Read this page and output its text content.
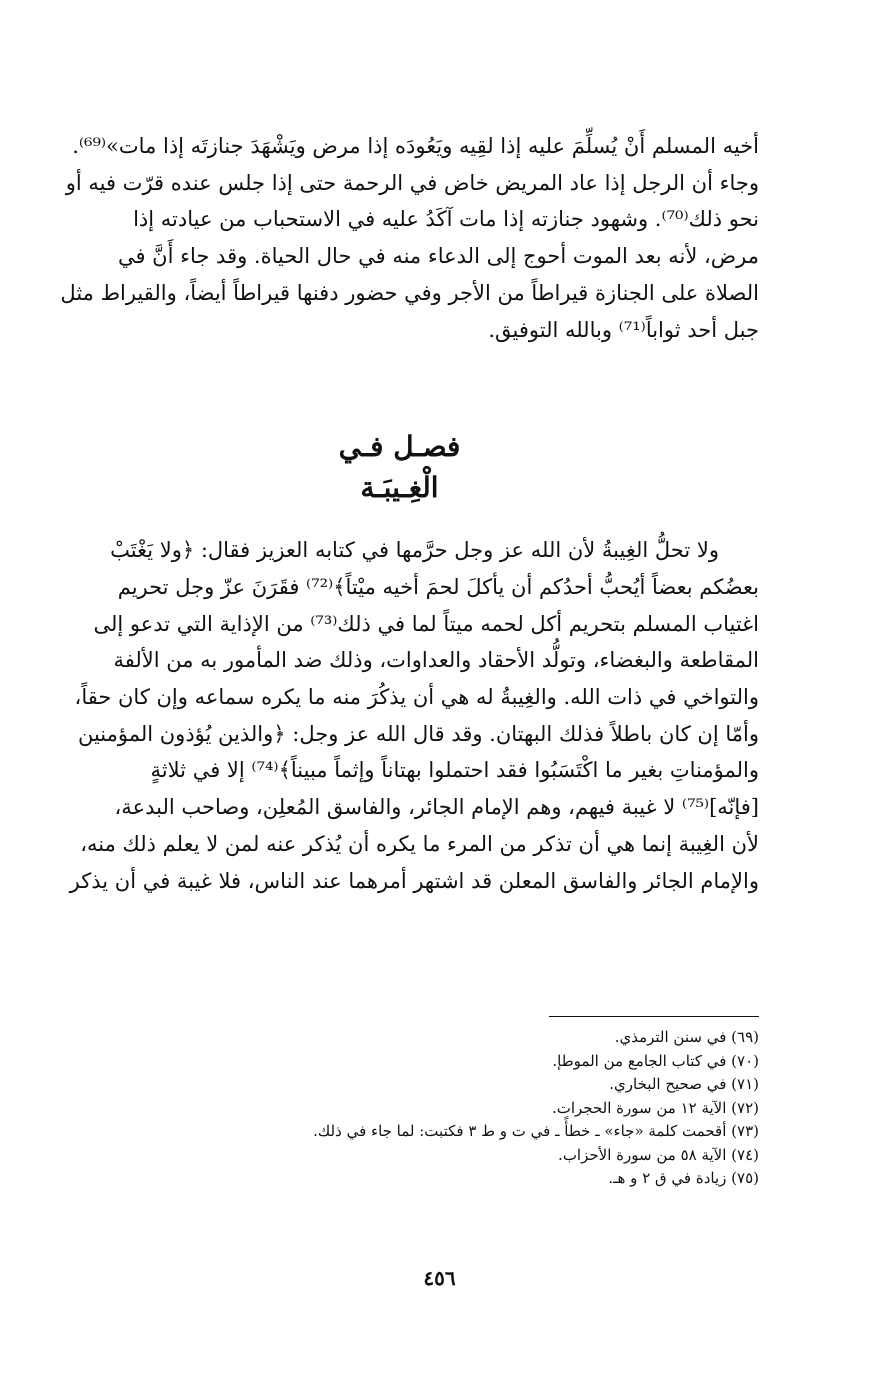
أخيه المسلم أَنْ يُسلِّمَ عليه إذا لقِيه ويَعُودَه إذا مرض ويَشْهَدَ جنازتَه إذا مات»⁽⁶⁹⁾.

وجاء أن الرجل إذا عاد المريض خاض في الرحمة حتى إذا جلس عنده قرّت فيه أو

نحو ذلك⁽⁷⁰⁾. وشهود جنازته إذا مات آكَدُ عليه في الاستحباب من عيادته إذا

مرض، لأنه بعد الموت أحوج إلى الدعاء منه في حال الحياة. وقد جاء أَنَّ في

الصلاة على الجنازة قيراطاً من الأجر وفي حضور دفنها قيراطاً أيضاً، والقيراط مثل

جبل أحد ثواباً⁽⁷¹⁾ وبالله التوفيق.

فصـل فـي
الْغِـيبَـة

ولا تحلُّ الغِيبةُ لأن الله عز وجل حرَّمها في كتابه العزيز فقال: ﴿ولا يَغْتَبْ

بعضُكم بعضاً أيُحبُّ أحدُكم أن يأكلَ لحمَ أخيه ميْتاً﴾⁽⁷²⁾ فقَرَنَ عزّ وجل تحريم

اغتياب المسلم بتحريم أكل لحمه ميتاً لما في ذلك⁽⁷³⁾ من الإذاية التي تدعو إلى

المقاطعة والبغضاء، وتولُّد الأحقاد والعداوات، وذلك ضد المأمور به من الألفة

والتواخي في ذات الله. والغِيبةُ له هي أن يذكُرَ منه ما يكره سماعه وإن كان حقاً،

وأمّا إن كان باطلاً فذلك البهتان. وقد قال الله عز وجل: ﴿والذين يُؤذون المؤمنين

والمؤمناتِ بغير ما اكْتَسَبُوا فقد احتملوا بهتاناً وإثماً مبيناً﴾⁽⁷⁴⁾ إلا في ثلاثةٍ

[فإنّه]⁽⁷⁵⁾ لا غيبة فيهم، وهم الإمام الجائر، والفاسق المُعلِن، وصاحب البدعة،

لأن الغِيبة إنما هي أن تذكر من المرء ما يكره أن يُذكر عنه لمن لا يعلم ذلك منه،

والإمام الجائر والفاسق المعلن قد اشتهر أمرهما عند الناس، فلا غيبة في أن يذكر

(٦٩) في سنن الترمذي.
(٧٠) في كتاب الجامع من الموطإ.
(٧١) في صحيح البخاري.
(٧٢) الآية ١٢ من سورة الحجرات.
(٧٣) أقحمت كلمة «جاء» ـ خطأً ـ في ت و ط ٣ فكتبت: لما جاء في ذلك.
(٧٤) الآية ٥٨ من سورة الأحزاب.
(٧٥) زيادة في ق ٢ و هـ.
٤٥٦
